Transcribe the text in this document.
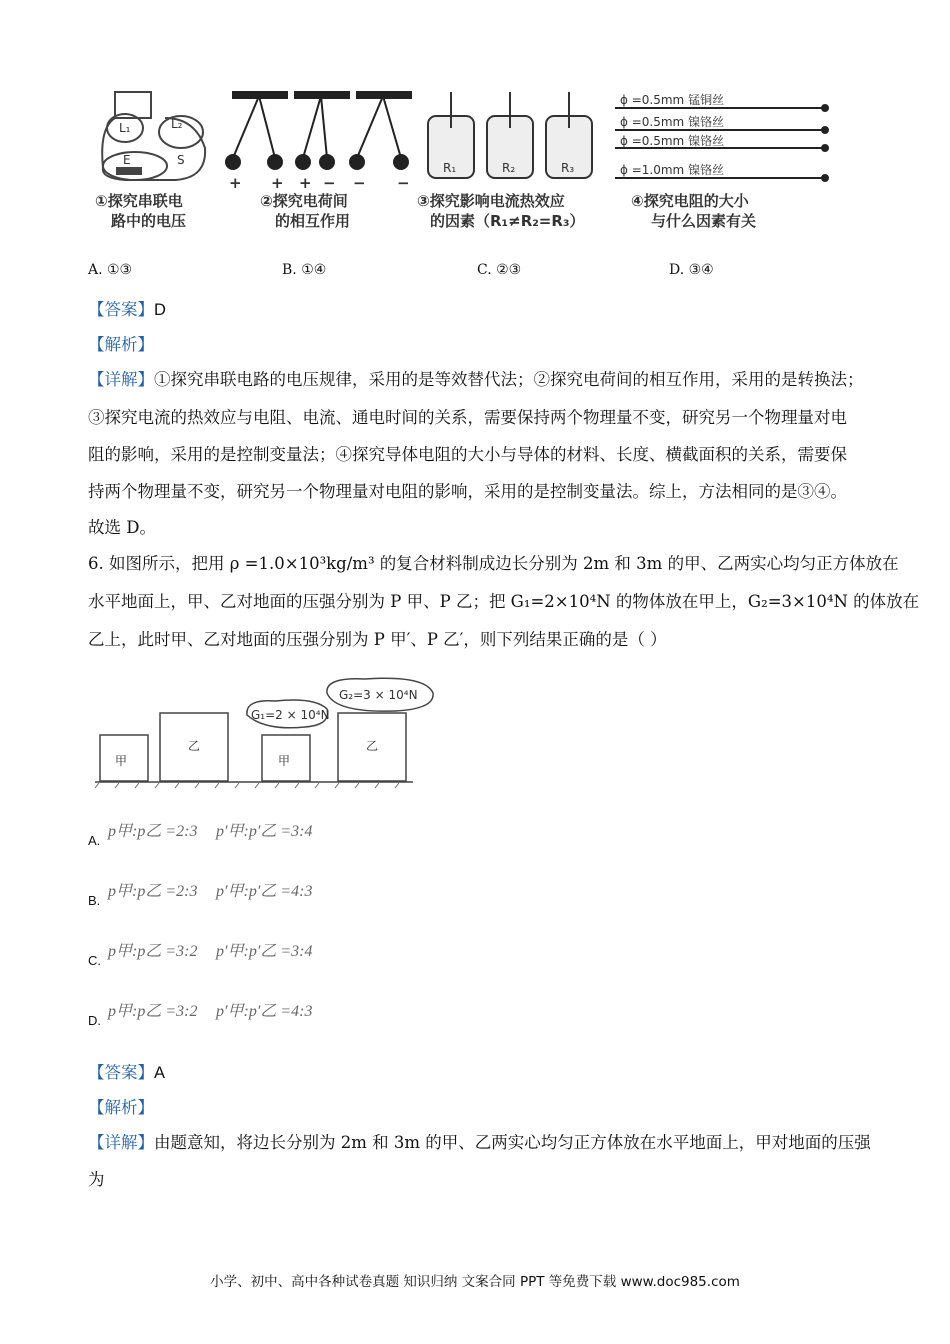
L₁	L₂
E	S
①探究串联电
路中的电压
+ + + − − −
②探究电荷间
的相互作用
R₁	R₂	R₃
③探究影响电流热效应
的因素（R₁≠R₂=R₃）
ϕ =0.5mm 锰铜丝
ϕ =0.5mm 镍铬丝
ϕ =0.5mm 镍铬丝
ϕ =1.0mm 镍铬丝
④探究电阻的大小
与什么因素有关
A. ①③	B. ①④	C. ②③	D. ③④
【答案】D
【解析】
【详解】①探究串联电路的电压规律，采用的是等效替代法；②探究电荷间的相互作用，采用的是转换法；
③探究电流的热效应与电阻、电流、通电时间的关系，需要保持两个物理量不变，研究另一个物理量对电
阻的影响，采用的是控制变量法；④探究导体电阻的大小与导体的材料、长度、横截面积的关系，需要保
持两个物理量不变，研究另一个物理量对电阻的影响，采用的是控制变量法。综上，方法相同的是③④。
故选 D。
6. 如图所示，把用 ρ =1.0×10³kg/m³ 的复合材料制成边长分别为 2m 和 3m 的甲、乙两实心均匀正方体放在
水平地面上，甲、乙对地面的压强分别为 P 甲、P 乙；把 G₁=2×10⁴N 的物体放在甲上，G₂=3×10⁴N 的体放在
乙上，此时甲、乙对地面的压强分别为 P 甲′、P 乙′，则下列结果正确的是（ ）
甲
乙
甲
乙
G₁=2 × 10⁴N
G₂=3 × 10⁴N
A.
p甲:p乙 =2:3 p′甲:p′乙 =3:4
B.
p甲:p乙 =2:3 p′甲:p′乙 =4:3
C.
p甲:p乙 =3:2 p′甲:p′乙 =3:4
D.
p甲:p乙 =3:2 p′甲:p′乙 =4:3
【答案】A
【解析】
【详解】由题意知，将边长分别为 2m 和 3m 的甲、乙两实心均匀正方体放在水平地面上，甲对地面的压强
为
小学、初中、高中各种试卷真题 知识归纳 文案合同 PPT 等免费下载 www.doc985.com
